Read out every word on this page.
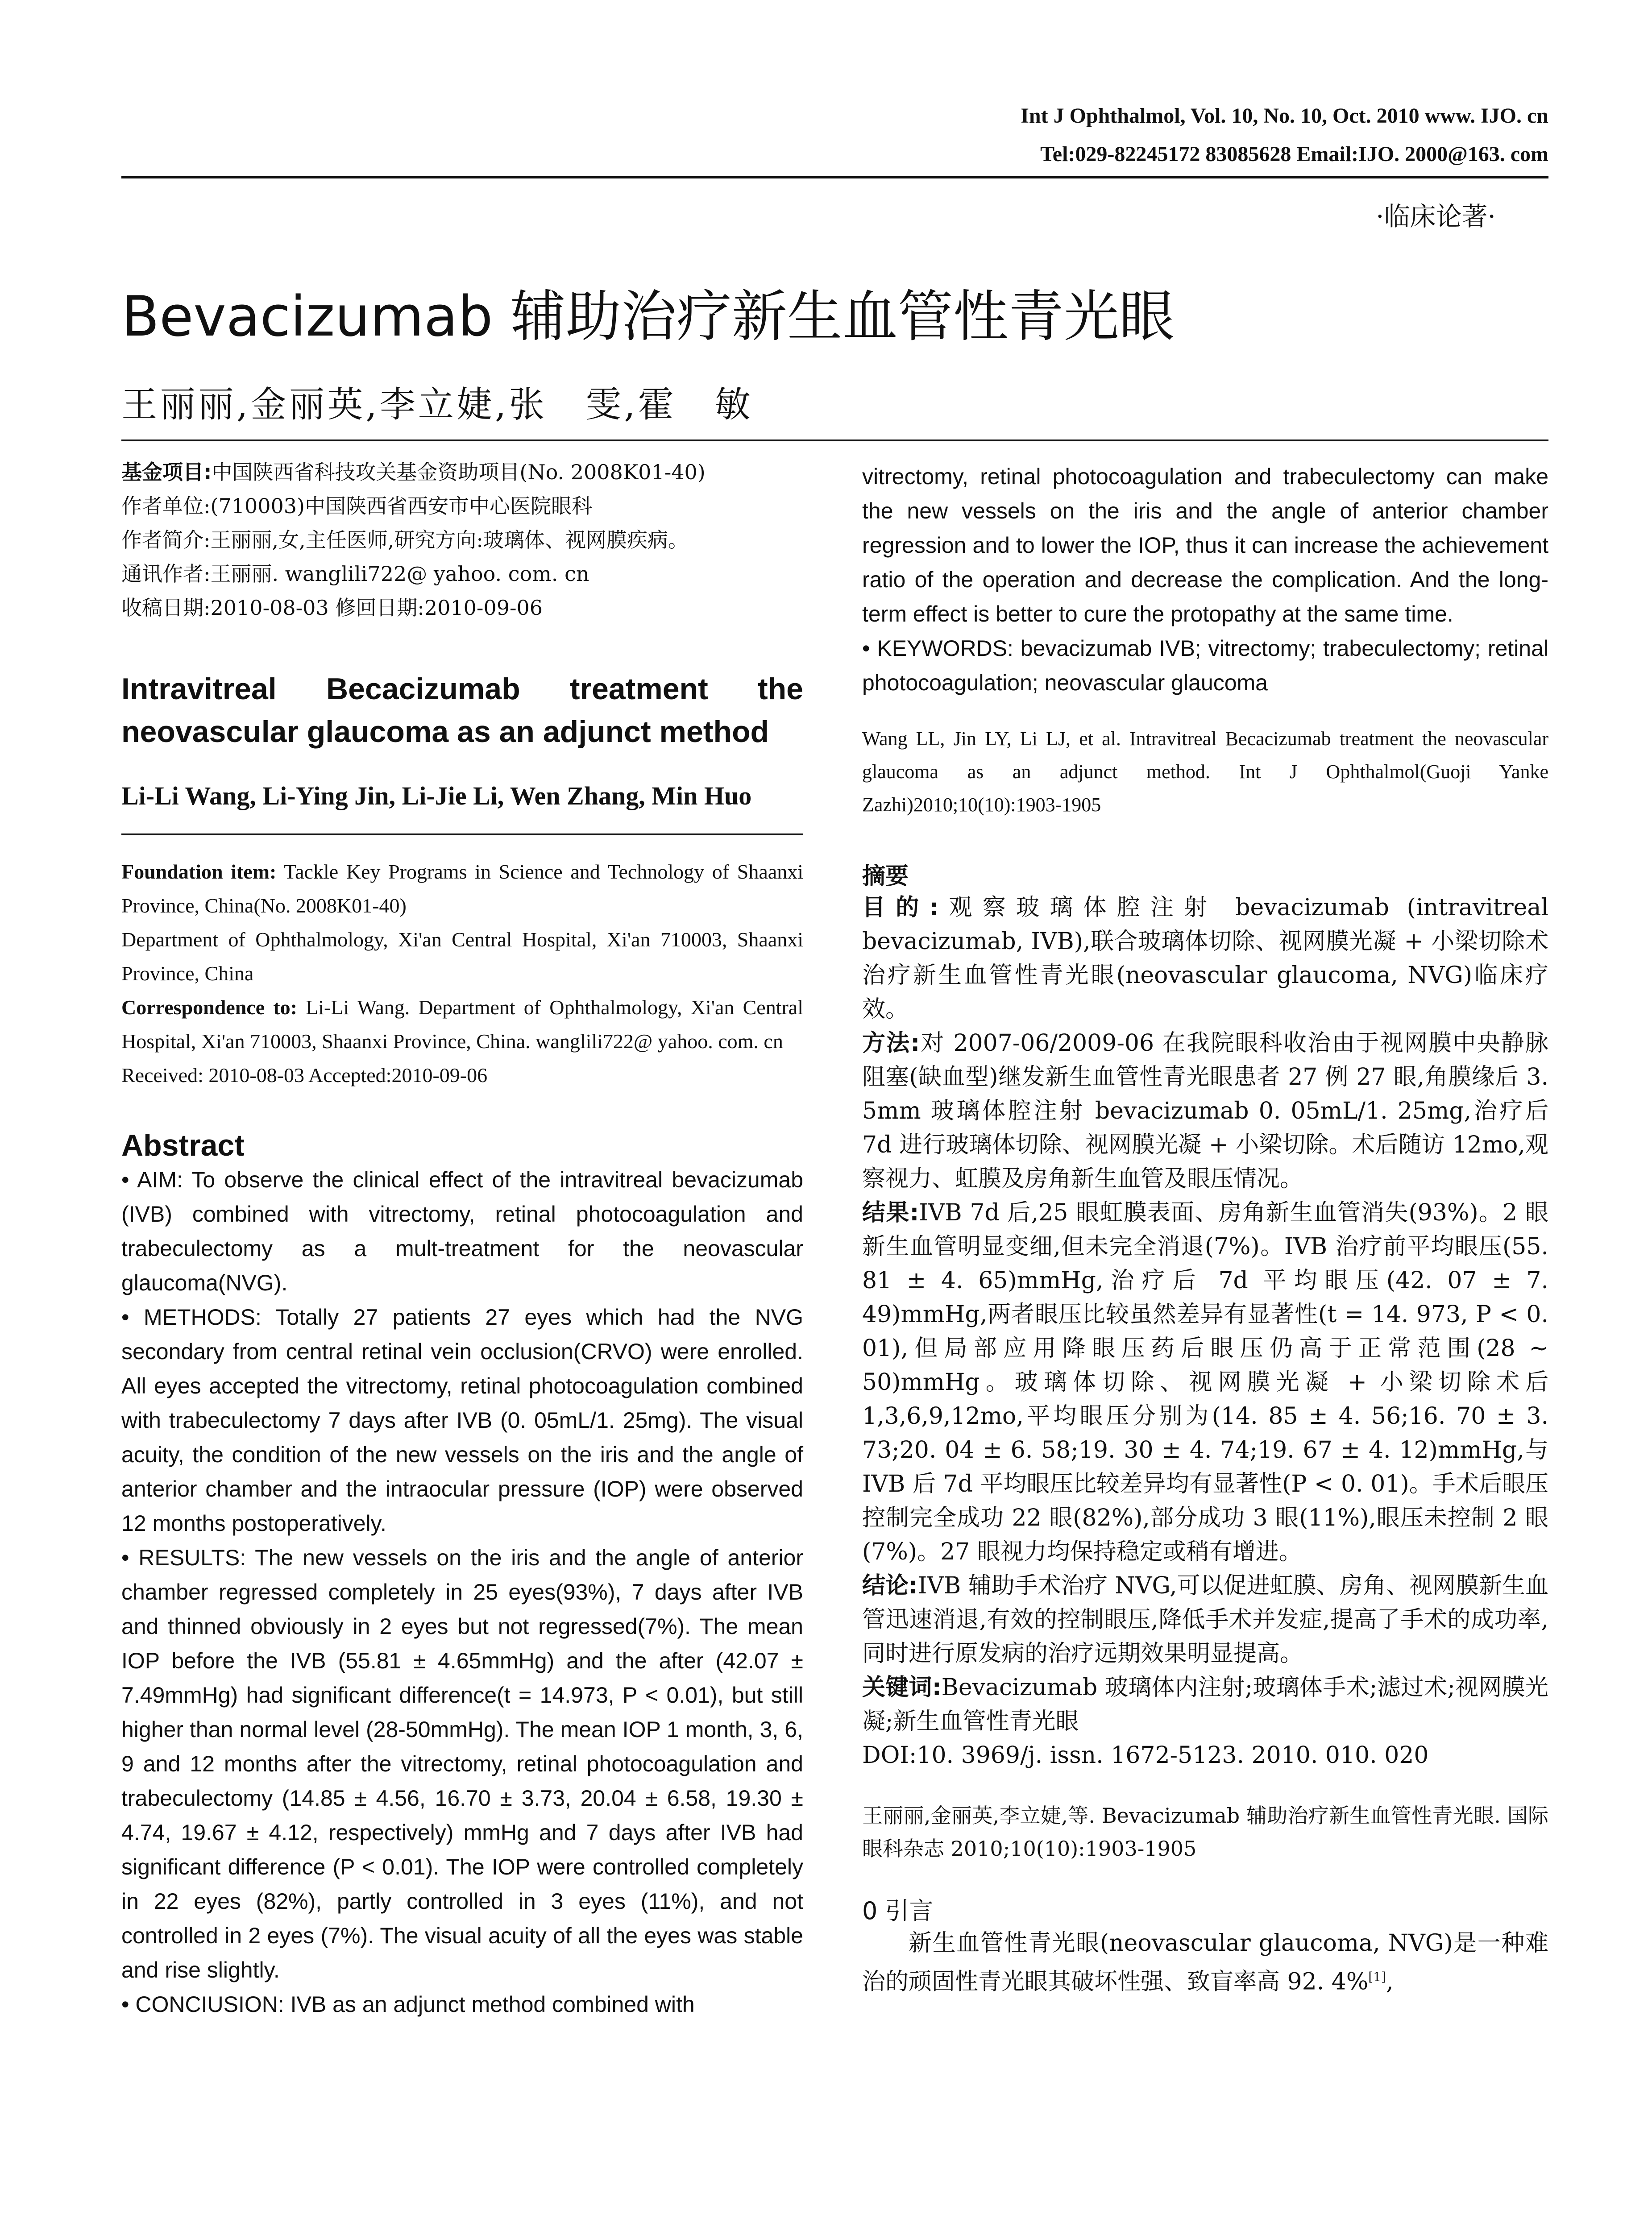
Int J Ophthalmol, Vol. 10, No. 10, Oct. 2010 www. IJO. cn
Tel:029-82245172 83085628 Email:IJO. 2000@163. com
·临床论著·
Bevacizumab 辅助治疗新生血管性青光眼
王丽丽,金丽英,李立婕,张　雯,霍　敏

基金项目:中国陕西省科技攻关基金资助项目(No. 2008K01-40)

作者单位:(710003)中国陕西省西安市中心医院眼科

作者简介:王丽丽,女,主任医师,研究方向:玻璃体、视网膜疾病。

通讯作者:王丽丽. wanglili722@ yahoo. com. cn

收稿日期:2010-08-03 修回日期:2010-09-06

Intravitreal Becacizumab treatment the neovascular glaucoma as an adjunct method

Li-Li Wang, Li-Ying Jin, Li-Jie Li, Wen Zhang, Min Huo

Foundation item: Tackle Key Programs in Science and Technology of Shaanxi Province, China(No. 2008K01-40)

Department of Ophthalmology, Xi'an Central Hospital, Xi'an 710003, Shaanxi Province, China

Correspondence to: Li-Li Wang. Department of Ophthalmology, Xi'an Central Hospital, Xi'an 710003, Shaanxi Province, China. wanglili722@ yahoo. com. cn

Received: 2010-08-03 Accepted:2010-09-06

Abstract

• AIM: To observe the clinical effect of the intravitreal bevacizumab (IVB) combined with vitrectomy, retinal photocoagulation and trabeculectomy as a mult-treatment for the neovascular glaucoma(NVG).

• METHODS: Totally 27 patients 27 eyes which had the NVG secondary from central retinal vein occlusion(CRVO) were enrolled. All eyes accepted the vitrectomy, retinal photocoagulation combined with trabeculectomy 7 days after IVB (0. 05mL/1. 25mg). The visual acuity, the condition of the new vessels on the iris and the angle of anterior chamber and the intraocular pressure (IOP) were observed 12 months postoperatively.

• RESULTS: The new vessels on the iris and the angle of anterior chamber regressed completely in 25 eyes(93%), 7 days after IVB and thinned obviously in 2 eyes but not regressed(7%). The mean IOP before the IVB (55.81 ± 4.65mmHg) and the after (42.07 ± 7.49mmHg) had significant difference(t = 14.973, P < 0.01), but still higher than normal level (28-50mmHg). The mean IOP 1 month, 3, 6, 9 and 12 months after the vitrectomy, retinal photocoagulation and trabeculectomy (14.85 ± 4.56, 16.70 ± 3.73, 20.04 ± 6.58, 19.30 ± 4.74, 19.67 ± 4.12, respectively) mmHg and 7 days after IVB had significant difference (P < 0.01). The IOP were controlled completely in 22 eyes (82%), partly controlled in 3 eyes (11%), and not controlled in 2 eyes (7%). The visual acuity of all the eyes was stable and rise slightly.

• CONCIUSION: IVB as an adjunct method combined with

vitrectomy, retinal photocoagulation and trabeculectomy can make the new vessels on the iris and the angle of anterior chamber regression and to lower the IOP, thus it can increase the achievement ratio of the operation and decrease the complication. And the long-term effect is better to cure the protopathy at the same time.

• KEYWORDS: bevacizumab IVB; vitrectomy; trabeculectomy; retinal photocoagulation; neovascular glaucoma

Wang LL, Jin LY, Li LJ, et al. Intravitreal Becacizumab treatment the neovascular glaucoma as an adjunct method. Int J Ophthalmol(Guoji Yanke Zazhi)2010;10(10):1903-1905

摘要

目的:观察玻璃体腔注射 bevacizumab (intravitreal bevacizumab, IVB),联合玻璃体切除、视网膜光凝 + 小梁切除术治疗新生血管性青光眼(neovascular glaucoma, NVG)临床疗效。

方法:对 2007-06/2009-06 在我院眼科收治由于视网膜中央静脉阻塞(缺血型)继发新生血管性青光眼患者 27 例 27 眼,角膜缘后 3. 5mm 玻璃体腔注射 bevacizumab 0. 05mL/1. 25mg,治疗后 7d 进行玻璃体切除、视网膜光凝 + 小梁切除。术后随访 12mo,观察视力、虹膜及房角新生血管及眼压情况。

结果:IVB 7d 后,25 眼虹膜表面、房角新生血管消失(93%)。2 眼新生血管明显变细,但未完全消退(7%)。IVB 治疗前平均眼压(55. 81 ± 4. 65)mmHg,治疗后 7d 平均眼压(42. 07 ± 7. 49)mmHg,两者眼压比较虽然差异有显著性(t = 14. 973, P < 0. 01),但局部应用降眼压药后眼压仍高于正常范围(28 ~ 50)mmHg。玻璃体切除、视网膜光凝 + 小梁切除术后 1,3,6,9,12mo,平均眼压分别为(14. 85 ± 4. 56;16. 70 ± 3. 73;20. 04 ± 6. 58;19. 30 ± 4. 74;19. 67 ± 4. 12)mmHg,与 IVB 后 7d 平均眼压比较差异均有显著性(P < 0. 01)。手术后眼压控制完全成功 22 眼(82%),部分成功 3 眼(11%),眼压未控制 2 眼(7%)。27 眼视力均保持稳定或稍有增进。

结论:IVB 辅助手术治疗 NVG,可以促进虹膜、房角、视网膜新生血管迅速消退,有效的控制眼压,降低手术并发症,提高了手术的成功率,同时进行原发病的治疗远期效果明显提高。

关键词:Bevacizumab 玻璃体内注射;玻璃体手术;滤过术;视网膜光凝;新生血管性青光眼

DOI:10. 3969/j. issn. 1672-5123. 2010. 010. 020

王丽丽,金丽英,李立婕,等. Bevacizumab 辅助治疗新生血管性青光眼. 国际眼科杂志 2010;10(10):1903-1905

0 引言

新生血管性青光眼(neovascular glaucoma, NVG)是一种难治的顽固性青光眼其破坏性强、致盲率高 92. 4%[1],
